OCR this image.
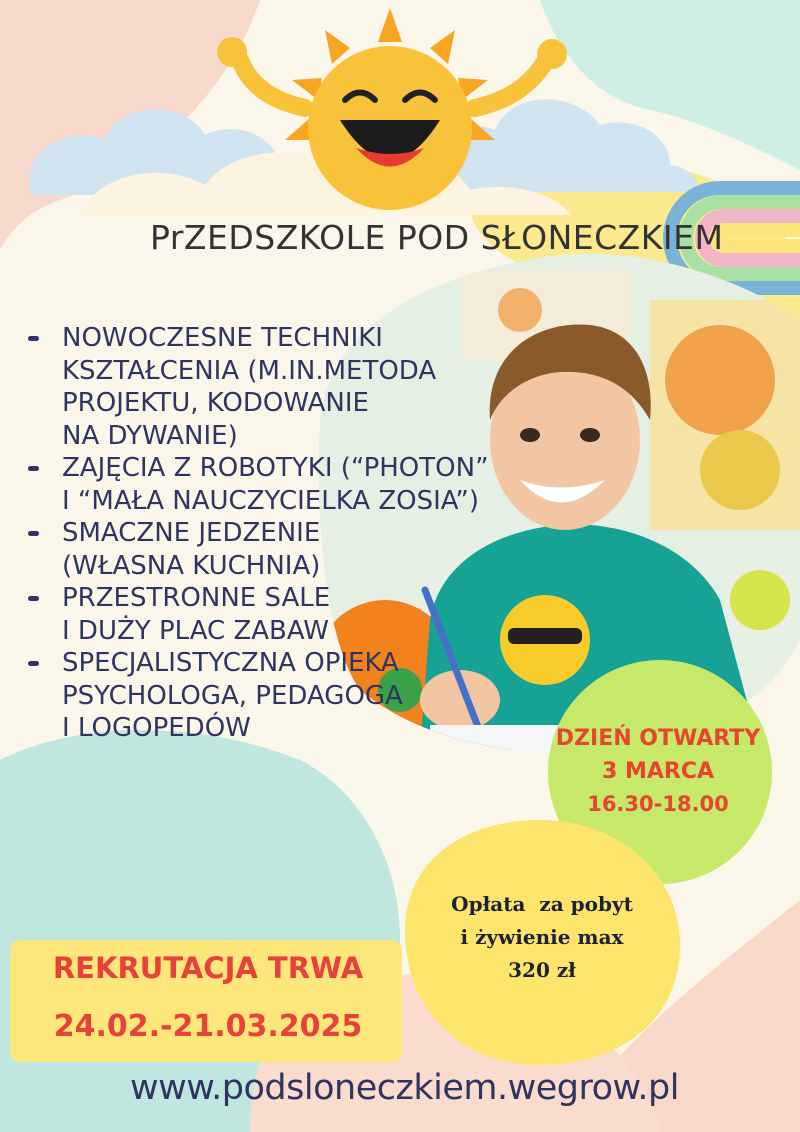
PrZEDSZKOLE POD SŁONECZKIEM
NOWOCZESNE TECHNIKI
KSZTAŁCENIA (M.IN.METODA
PROJEKTU, KODOWANIE
NA DYWANIE)
ZAJĘCIA Z ROBOTYKI (“PHOTON”
I “MAŁA NAUCZYCIELKA ZOSIA”)
SMACZNE JEDZENIE
(WŁASNA KUCHNIA)
PRZESTRONNE SALE
I DUŻY PLAC ZABAW
SPECJALISTYCZNA OPIEKA
PSYCHOLOGA, PEDAGOGA
I LOGOPEDÓW	DZIEŃ OTWARTY
3 MARCA
16.30-18.00
Opłata  za pobyt
i żywienie max
320 zł
REKRUTACJA TRWA
24.02.-21.03.2025
www.podsloneczkiem.wegrow.pl
